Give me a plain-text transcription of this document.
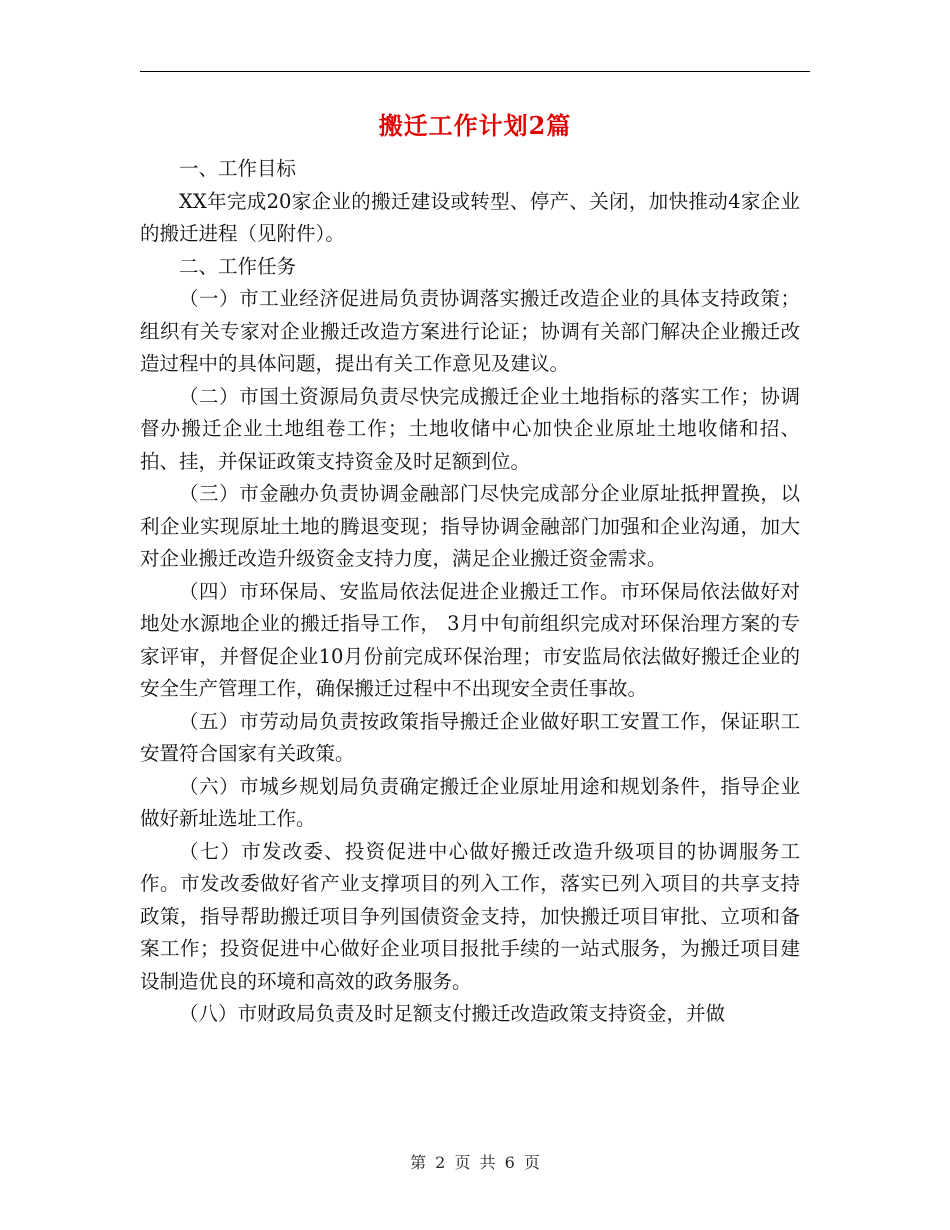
搬迁工作计划2篇

一、工作目标

XX年完成20家企业的搬迁建设或转型、停产、关闭，加快推动4家企业的搬迁进程（见附件）。

二、工作任务

（一）市工业经济促进局负责协调落实搬迁改造企业的具体支持政策；组织有关专家对企业搬迁改造方案进行论证；协调有关部门解决企业搬迁改造过程中的具体问题，提出有关工作意见及建议。

（二）市国土资源局负责尽快完成搬迁企业土地指标的落实工作；协调督办搬迁企业土地组卷工作；土地收储中心加快企业原址土地收储和招、拍、挂，并保证政策支持资金及时足额到位。

（三）市金融办负责协调金融部门尽快完成部分企业原址抵押置换，以利企业实现原址土地的腾退变现；指导协调金融部门加强和企业沟通，加大对企业搬迁改造升级资金支持力度，满足企业搬迁资金需求。

（四）市环保局、安监局依法促进企业搬迁工作。市环保局依法做好对地处水源地企业的搬迁指导工作， 3月中旬前组织完成对环保治理方案的专家评审，并督促企业10月份前完成环保治理；市安监局依法做好搬迁企业的安全生产管理工作，确保搬迁过程中不出现安全责任事故。

（五）市劳动局负责按政策指导搬迁企业做好职工安置工作，保证职工安置符合国家有关政策。

（六）市城乡规划局负责确定搬迁企业原址用途和规划条件，指导企业做好新址选址工作。

（七）市发改委、投资促进中心做好搬迁改造升级项目的协调服务工作。市发改委做好省产业支撑项目的列入工作，落实已列入项目的共享支持政策，指导帮助搬迁项目争列国债资金支持，加快搬迁项目审批、立项和备案工作；投资促进中心做好企业项目报批手续的一站式服务，为搬迁项目建设制造优良的环境和高效的政务服务。

（八）市财政局负责及时足额支付搬迁改造政策支持资金，并做

第 2 页 共 6 页
